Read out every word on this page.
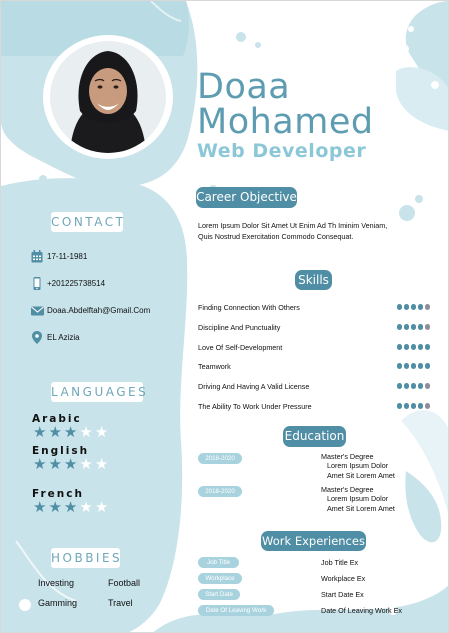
Doaa
Mohamed
Web Developer
Career Objective
Lorem Ipsum Dolor Sit Amet Ut Enim Ad Th Iminim Veniam, Quis Nostrud Exercitation Commodo Consequat.
Skills
Education
Work Experiences
CONTACT
17-11-1981
+201225738514
Doaa.Abdelftah@Gmail.Com
EL Azizia
LANGUAGES
HOBBIES
Investing	Football
Gamming	Travel
Finding Connection With Others
Discipline And Punctuality
Love Of Self-Development
Teamwork
Driving And Having A Valid License
The Ability To Work Under Pressure
2018-2020	Master's Degree
Lorem Ipsum Dolor
Amet Sit Lorem Amet
2018-2020	Master's Degree
Lorem Ipsum Dolor
Amet Sit Lorem Amet
Job Title	Job Title Ex
Workplace	Workplace Ex
Start Date	Start Date Ex
Date Of Leaving Work	Date Of Leaving Work Ex
Arabic
★ ★ ★ ★ ★
English
★ ★ ★ ★ ★
French
★ ★ ★ ★ ★
